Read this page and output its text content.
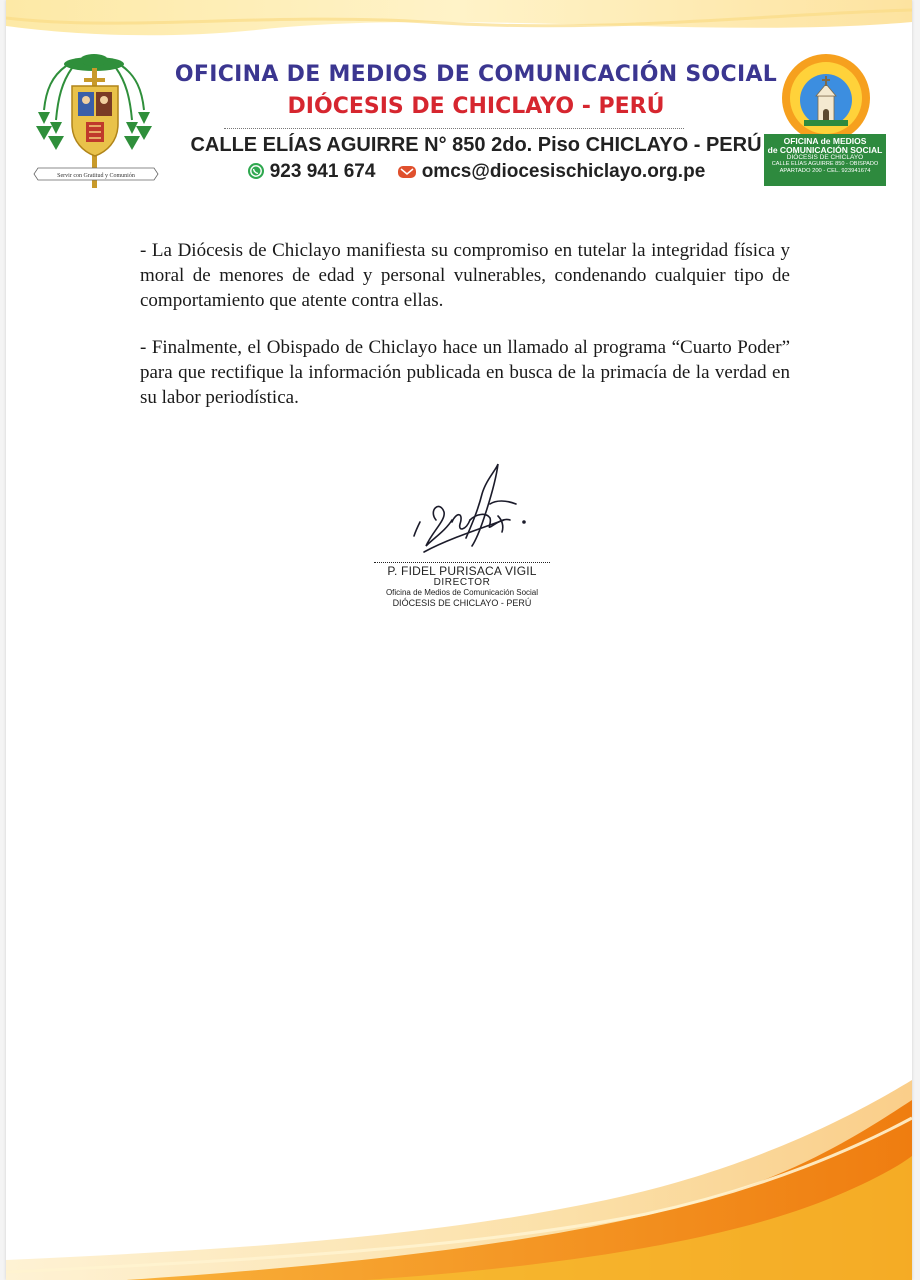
Servir con Gratitud y Comunión
OFICINA DE MEDIOS DE COMUNICACIÓN SOCIAL
DIÓCESIS DE CHICLAYO - PERÚ
CALLE ELÍAS AGUIRRE N° 850 2do. Piso CHICLAYO - PERÚ
923 941 674 omcs@diocesischiclayo.org.pe
OFICINA de MEDIOS
de COMUNICACIÓN SOCIAL
DIÓCESIS DE CHICLAYO
CALLE ELÍAS AGUIRRE 850 - OBISPADO
APARTADO 200 - CEL. 923941674

- La Diócesis de Chiclayo manifiesta su compromiso en tutelar la integridad física y moral de menores de edad y personal vulnerables, condenando cualquier tipo de comportamiento que atente contra ellas.

- Finalmente, el Obispado de Chiclayo hace un llamado al programa “Cuarto Poder” para que rectifique la información publicada en busca de la primacía de la verdad en su labor periodística.

P. FIDEL PURISACA VIGIL
DIRECTOR
Oficina de Medios de Comunicación Social
DIÓCESIS DE CHICLAYO - PERÚ
